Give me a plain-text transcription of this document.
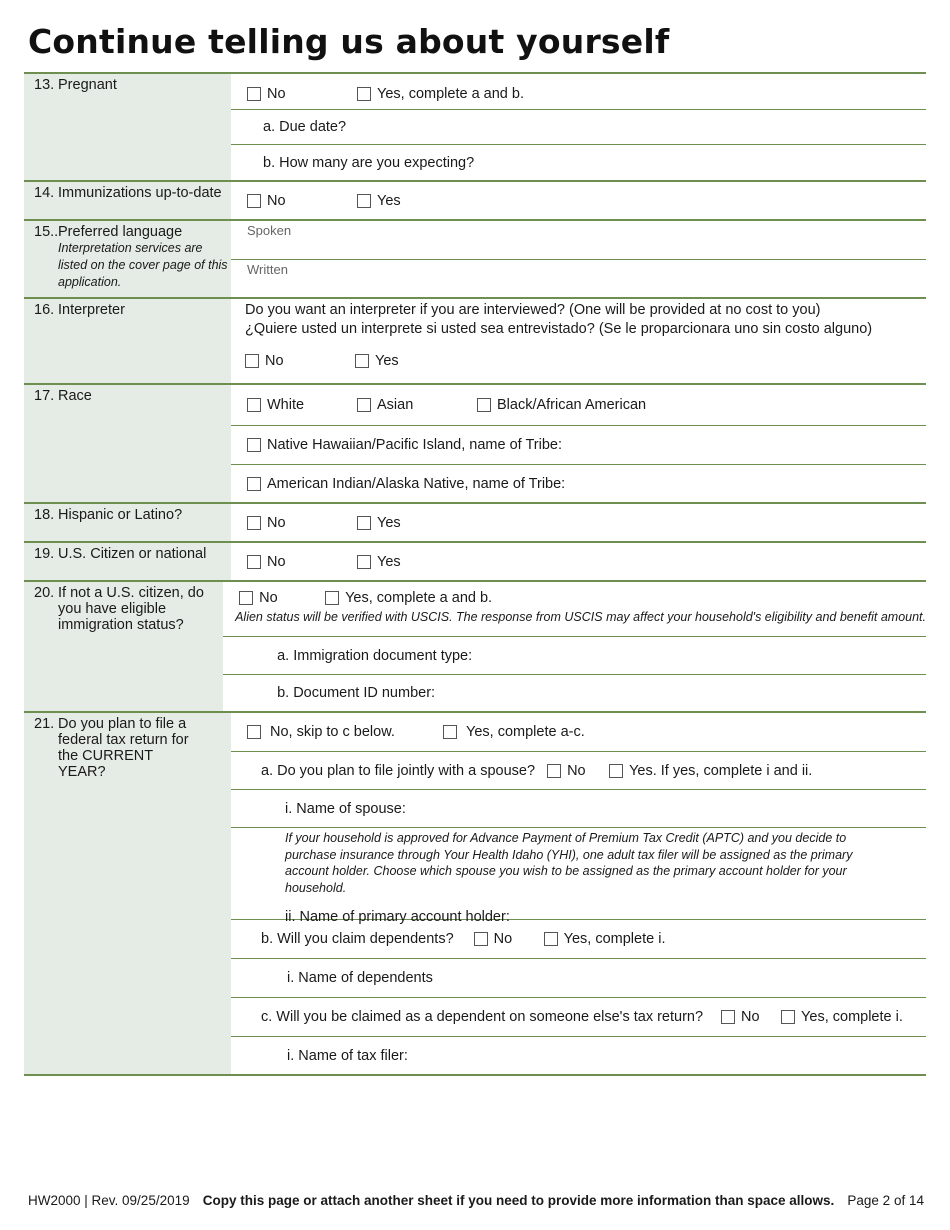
Continue telling us about yourself
13. Pregnant
No	Yes, complete a and b.
a. Due date?
b. How many are you expecting?
14. Immunizations up-to-date	No	Yes
15.. Preferred language
Interpretation services are listed on the cover page of this application.
Spoken
Written
16. Interpreter	Do you want an interpreter if you are interviewed? (One will be provided at no cost to you)
¿Quiere usted un interprete si usted sea entrevistado? (Se le proparcionara uno sin costo alguno)
No	Yes
17. Race
White	Asian	Black/African American
Native Hawaiian/Pacific Island, name of Tribe:
American Indian/Alaska Native, name of Tribe:
18. Hispanic or Latino?	No	Yes
19. U.S. Citizen or national	No	Yes
20. If not a U.S. citizen, do you have eligible immigration status?
No	Yes, complete a and b.
Alien status will be verified with USCIS. The response from USCIS may affect your household's eligibility and benefit amount.
a. Immigration document type:
b. Document ID number:
21. Do you plan to file a federal tax return for the CURRENT YEAR?
No, skip to c below.	Yes, complete a-c.
a. Do you plan to file jointly with a spouse? No	Yes. If yes, complete i and ii.
i. Name of spouse:
If your household is approved for Advance Payment of Premium Tax Credit (APTC) and you decide to purchase insurance through Your Health Idaho (YHI), one adult tax filer will be assigned as the primary account holder. Choose which spouse you wish to be assigned as the primary account holder for your household.
ii. Name of primary account holder:
b. Will you claim dependents?	No	Yes, complete i.
i. Name of dependents
c. Will you be claimed as a dependent on someone else's tax return?	No	Yes, complete i.
i. Name of tax filer:
HW2000 | Rev. 09/25/2019 Copy this page or attach another sheet if you need to provide more information than space allows. Page 2 of 14
